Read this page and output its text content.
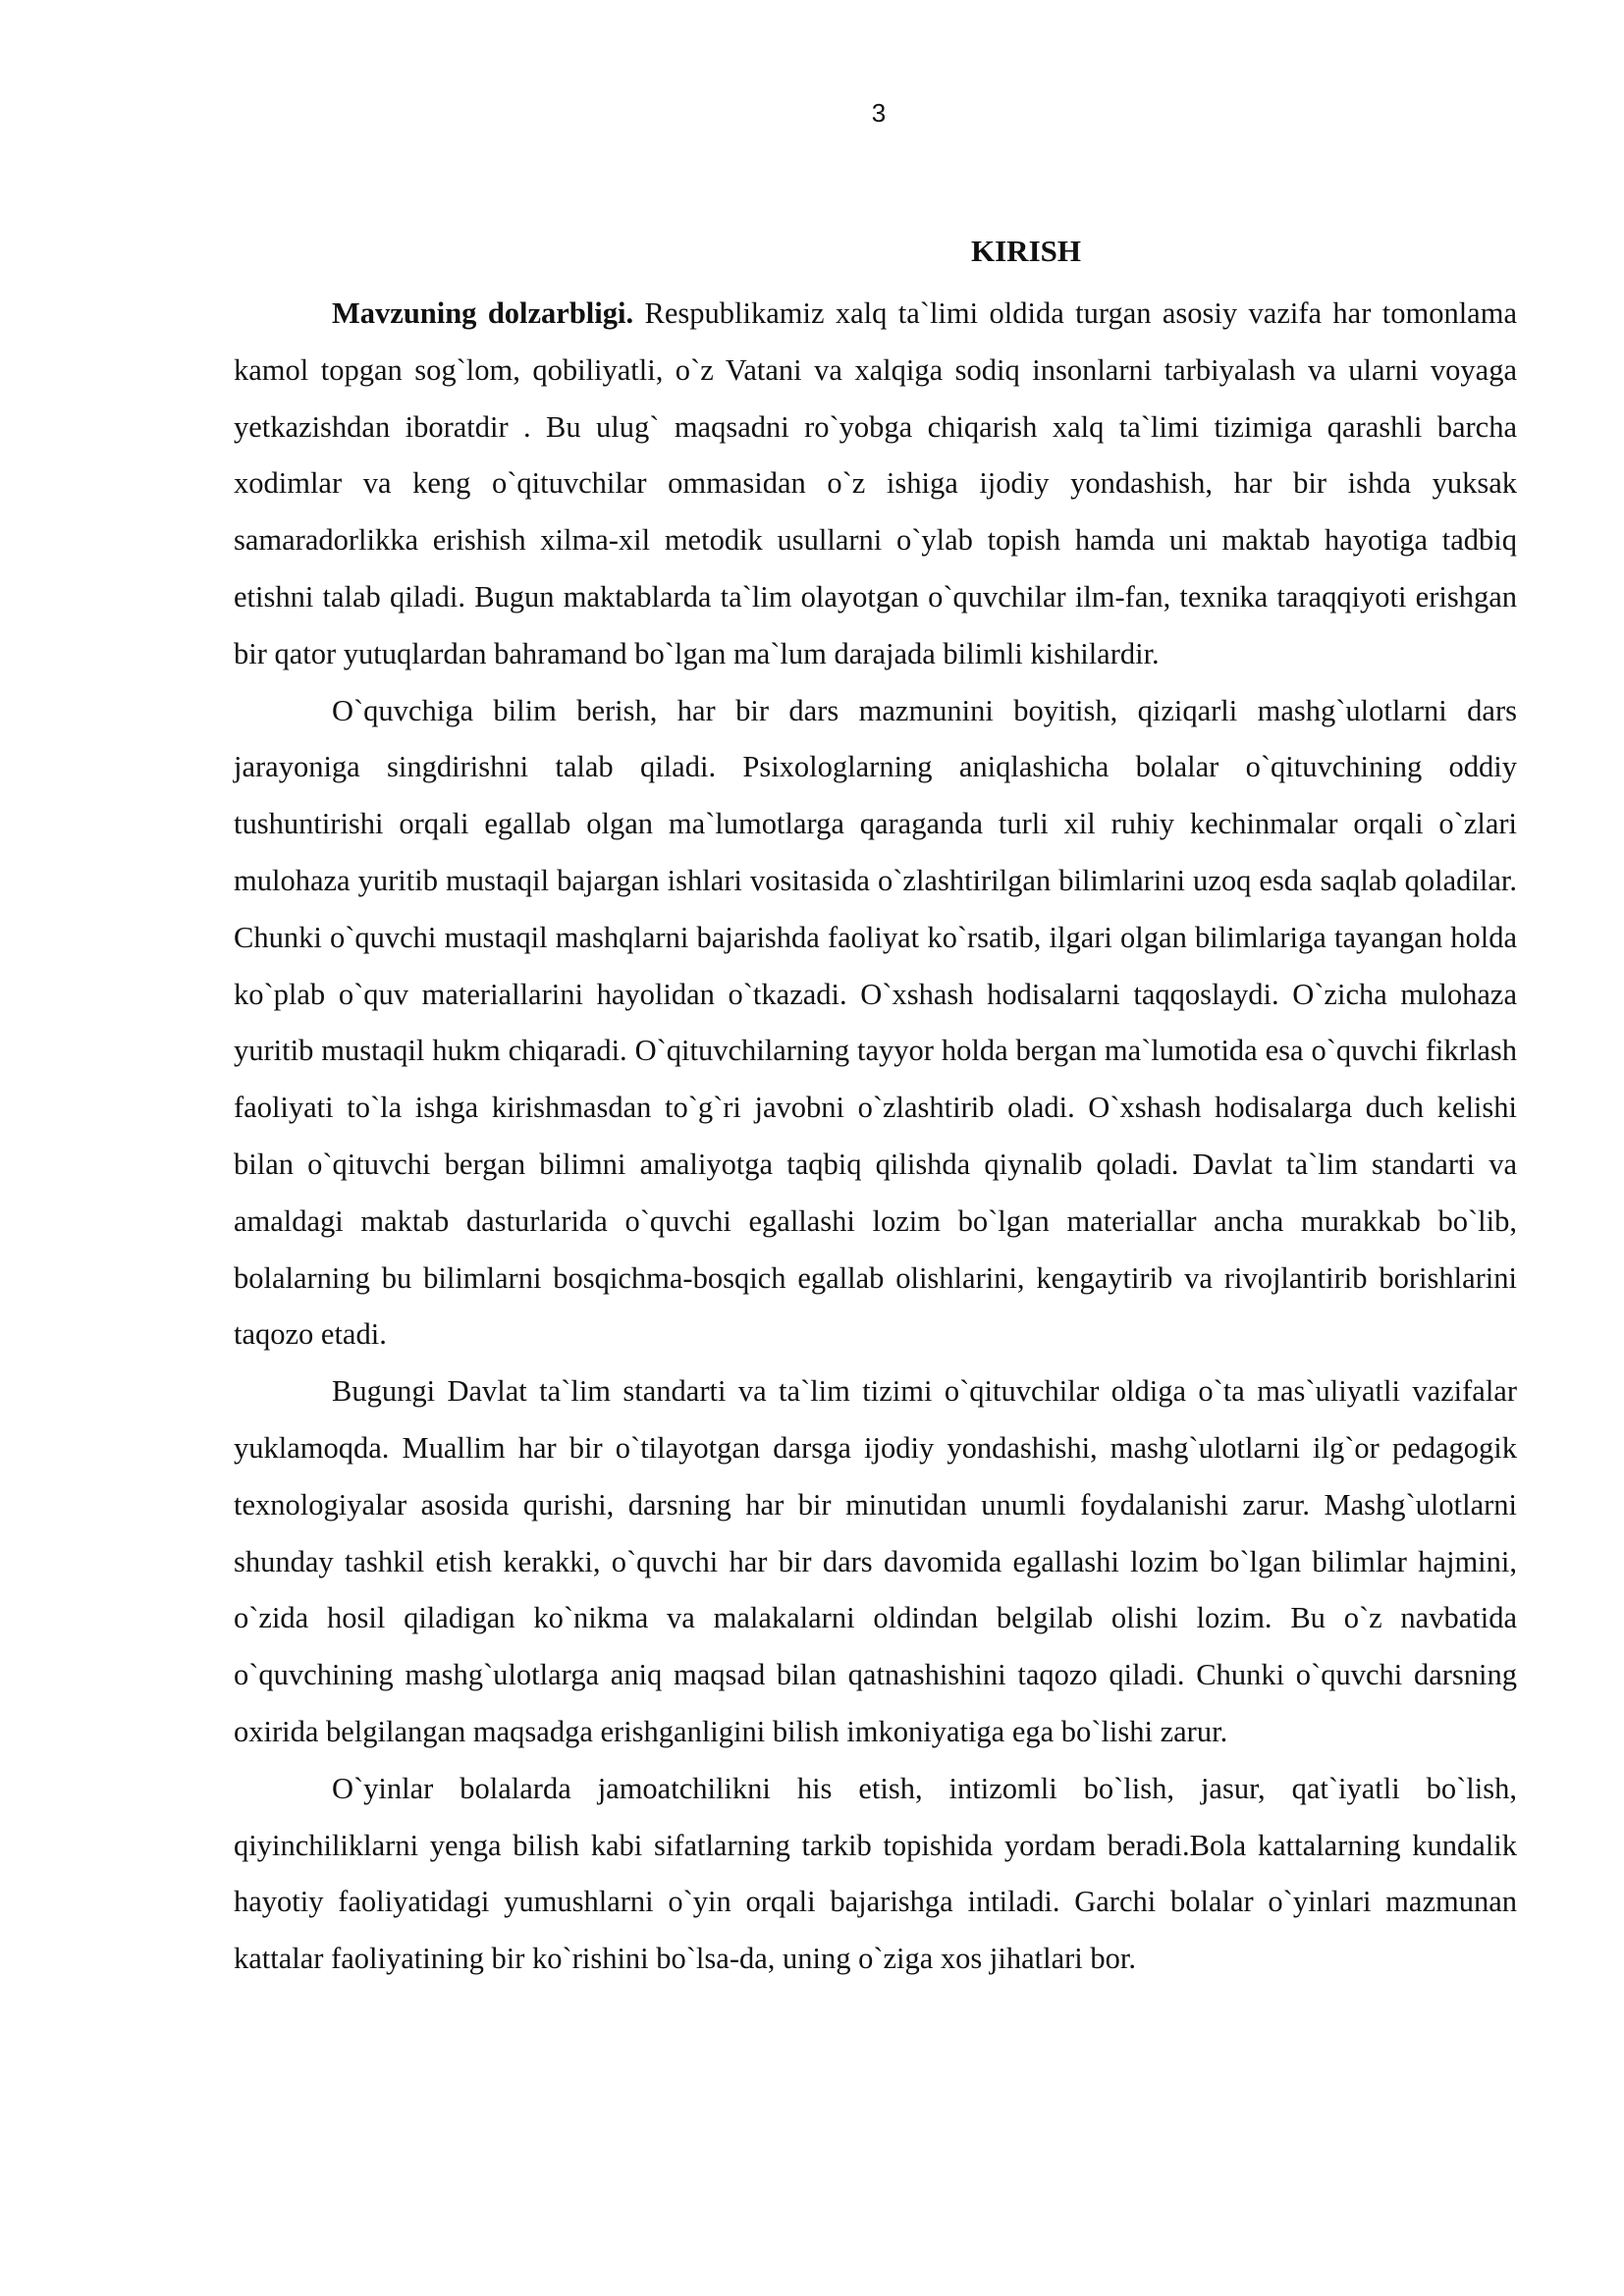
3
KIRISH

Mavzuning dolzarbligi. Respublikamiz xalq ta`limi oldida turgan asosiy vazifa har tomonlama kamol topgan sog`lom, qobiliyatli, o`z Vatani va xalqiga sodiq insonlarni tarbiyalash va ularni voyaga yetkazishdan iboratdir . Bu ulug` maqsadni ro`yobga chiqarish xalq ta`limi tizimiga qarashli barcha xodimlar va keng o`qituvchilar ommasidan o`z ishiga ijodiy yondashish, har bir ishda yuksak samaradorlikka erishish xilma-xil metodik usullarni o`ylab topish hamda uni maktab hayotiga tadbiq etishni talab qiladi. Bugun maktablarda ta`lim olayotgan o`quvchilar ilm-fan, texnika taraqqiyoti erishgan bir qator yutuqlardan bahramand bo`lgan ma`lum darajada bilimli kishilardir.

O`quvchiga bilim berish, har bir dars mazmunini boyitish, qiziqarli mashg`ulotlarni dars jarayoniga singdirishni talab qiladi. Psixologlarning aniqlashicha bolalar o`qituvchining oddiy tushuntirishi orqali egallab olgan ma`lumotlarga qaraganda turli xil ruhiy kechinmalar orqali o`zlari mulohaza yuritib mustaqil bajargan ishlari vositasida o`zlashtirilgan bilimlarini uzoq esda saqlab qoladilar. Chunki o`quvchi mustaqil mashqlarni bajarishda faoliyat ko`rsatib, ilgari olgan bilimlariga tayangan holda ko`plab o`quv materiallarini hayolidan o`tkazadi. O`xshash hodisalarni taqqoslaydi. O`zicha mulohaza yuritib mustaqil hukm chiqaradi. O`qituvchilarning tayyor holda bergan ma`lumotida esa o`quvchi fikrlash faoliyati to`la ishga kirishmasdan to`g`ri javobni o`zlashtirib oladi. O`xshash hodisalarga duch kelishi bilan o`qituvchi bergan bilimni amaliyotga taqbiq qilishda qiynalib qoladi. Davlat ta`lim standarti va amaldagi maktab dasturlarida o`quvchi egallashi lozim bo`lgan materiallar ancha murakkab bo`lib, bolalarning bu bilimlarni bosqichma-bosqich egallab olishlarini, kengaytirib va rivojlantirib borishlarini taqozo etadi.

Bugungi Davlat ta`lim standarti va ta`lim tizimi o`qituvchilar oldiga o`ta mas`uliyatli vazifalar yuklamoqda. Muallim har bir o`tilayotgan darsga ijodiy yondashishi, mashg`ulotlarni ilg`or pedagogik texnologiyalar asosida qurishi, darsning har bir minutidan unumli foydalanishi zarur. Mashg`ulotlarni shunday tashkil etish kerakki, o`quvchi har bir dars davomida egallashi lozim bo`lgan bilimlar hajmini, o`zida hosil qiladigan ko`nikma va malakalarni oldindan belgilab olishi lozim. Bu o`z navbatida o`quvchining mashg`ulotlarga aniq maqsad bilan qatnashishini taqozo qiladi. Chunki o`quvchi darsning oxirida belgilangan maqsadga erishganligini bilish imkoniyatiga ega bo`lishi zarur.

O`yinlar bolalarda jamoatchilikni his etish, intizomli bo`lish, jasur, qat`iyatli bo`lish, qiyinchiliklarni yenga bilish kabi sifatlarning tarkib topishida yordam beradi.Bola kattalarning kundalik hayotiy faoliyatidagi yumushlarni o`yin orqali bajarishga intiladi. Garchi bolalar o`yinlari mazmunan kattalar faoliyatining bir ko`rishini bo`lsa-da, uning o`ziga xos jihatlari bor.
